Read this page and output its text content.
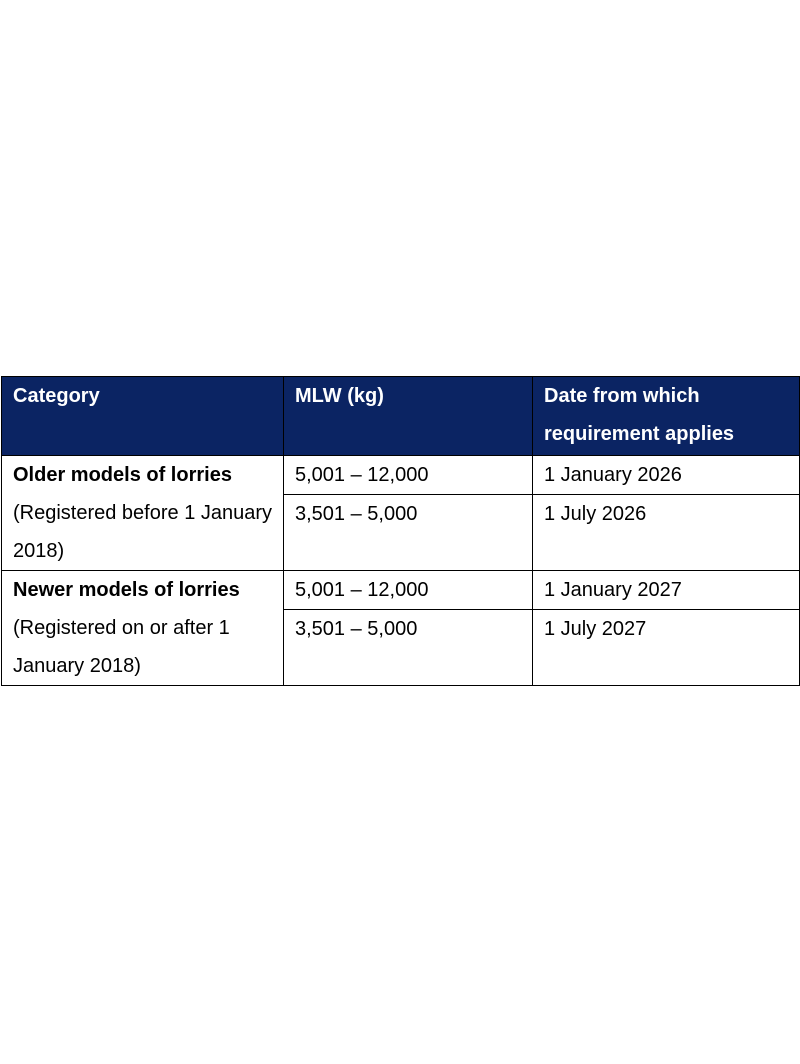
Category	MLW (kg)	Date from which requirement applies

Older models of lorries
(Registered before 1 January 2018)	5,001 – 12,000	1 January 2026
	3,501 – 5,000	1 July 2026

Newer models of lorries
(Registered on or after 1 January 2018)	5,001 – 12,000	1 January 2027
	3,501 – 5,000	1 July 2027
